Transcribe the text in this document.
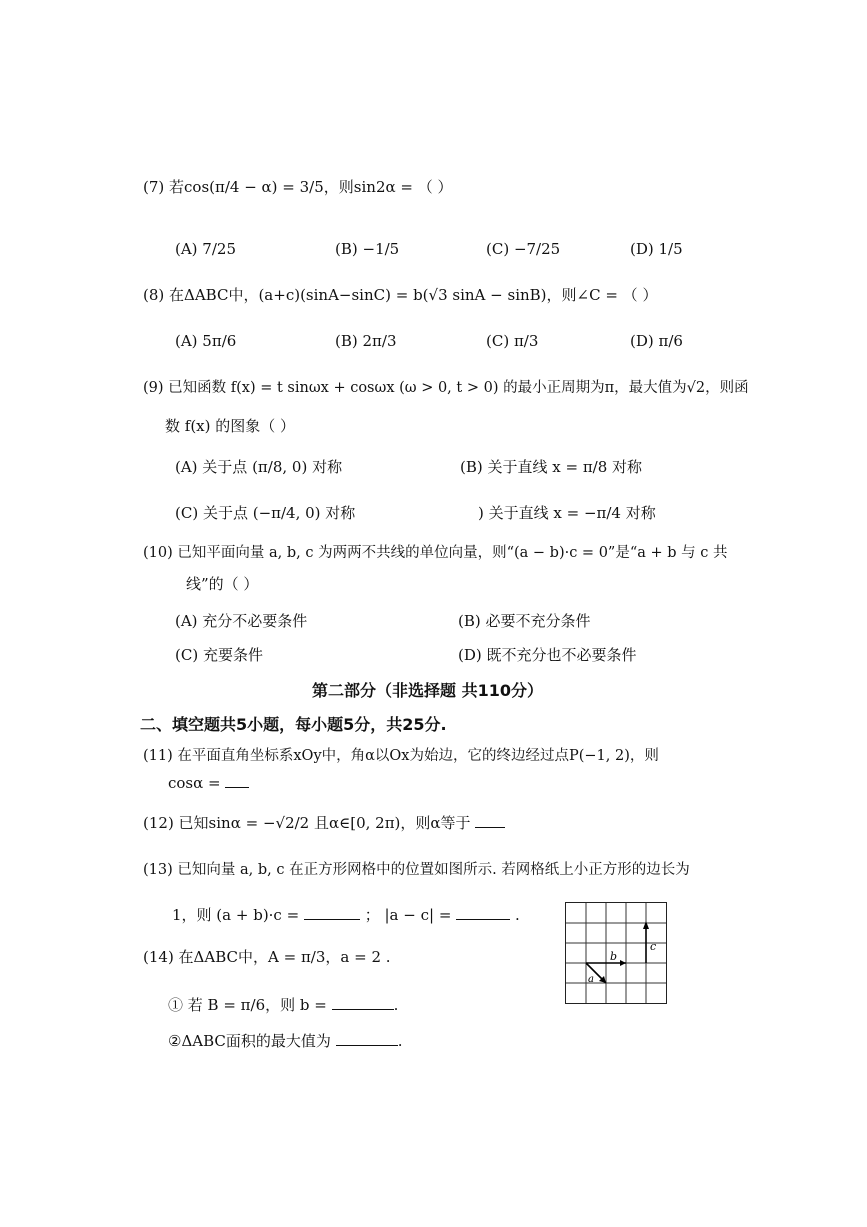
(7) 若cos(π/4 − α) = 3/5，则sin2α = （ ）
(A) 7/25	(B) −1/5	(C) −7/25	(D) 1/5
(8) 在ΔABC中，(a+c)(sinA−sinC) = b(√3 sinA − sinB)，则∠C = （ ）
(A) 5π/6	(B) 2π/3	(C) π/3	(D) π/6
(9) 已知函数 f(x) = t sinωx + cosωx (ω > 0, t > 0) 的最小正周期为π，最大值为√2，则函
数 f(x) 的图象（ ）
(A) 关于点 (π/8, 0) 对称	(B) 关于直线 x = π/8 对称
(C) 关于点 (−π/4, 0) 对称	) 关于直线 x = −π/4 对称
(10) 已知平面向量 a, b, c 为两两不共线的单位向量，则“(a − b)·c = 0”是“a + b 与 c 共
线”的（ ）
(A) 充分不必要条件	(B) 必要不充分条件
(C) 充要条件	(D) 既不充分也不必要条件
第二部分（非选择题 共110分）
二、填空题共5小题，每小题5分，共25分.
(11) 在平面直角坐标系xOy中，角α以Ox为始边，它的终边经过点P(−1, 2)，则
cosα =
(12) 已知sinα = −√2/2 且α∈[0, 2π)，则α等于
(13) 已知向量 a, b, c 在正方形网格中的位置如图所示. 若网格纸上小正方形的边长为
1，则 (a + b)·c =	； |a − c| =	.
b
c
a
(14) 在ΔABC中，A = π/3，a = 2 .
① 若 B = π/6，则 b =	.
②ΔABC面积的最大值为	.
